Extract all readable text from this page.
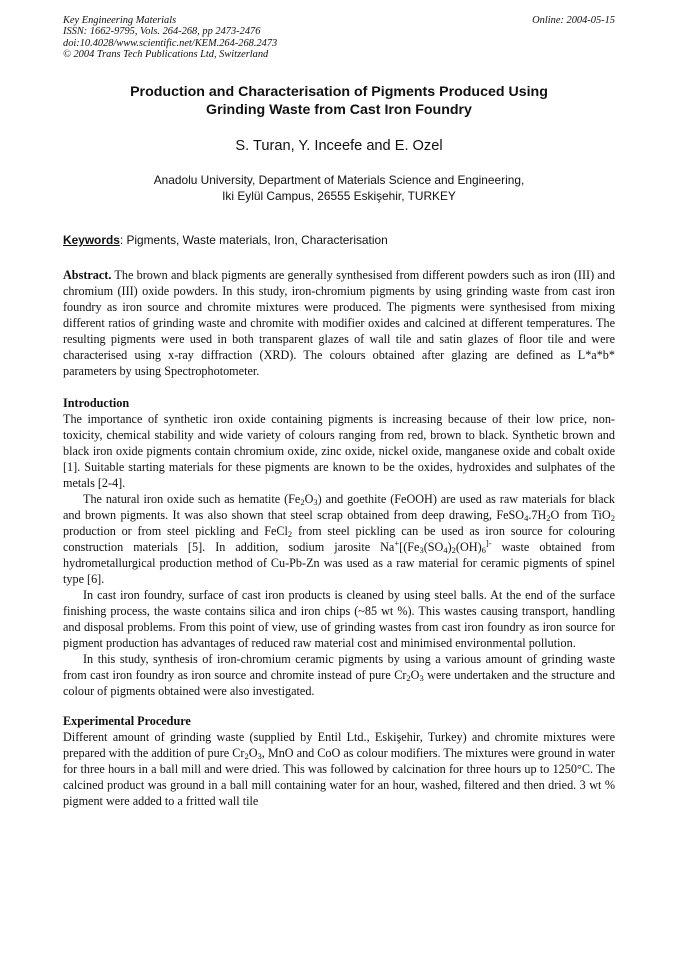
Key Engineering Materials
ISSN: 1662-9795, Vols. 264-268, pp 2473-2476
doi:10.4028/www.scientific.net/KEM.264-268.2473
© 2004 Trans Tech Publications Ltd, Switzerland
Online: 2004-05-15
Production and Characterisation of Pigments Produced Using
Grinding Waste from Cast Iron Foundry
S. Turan, Y. Inceefe and E. Ozel
Anadolu University, Department of Materials Science and Engineering,
Iki Eylül Campus, 26555 Eskişehir, TURKEY
Keywords: Pigments, Waste materials, Iron, Characterisation

Abstract. The brown and black pigments are generally synthesised from different powders such as iron (III) and chromium (III) oxide powders. In this study, iron-chromium pigments by using grinding waste from cast iron foundry as iron source and chromite mixtures were produced. The pigments were synthesised from mixing different ratios of grinding waste and chromite with modifier oxides and calcined at different temperatures. The resulting pigments were used in both transparent glazes of wall tile and satin glazes of floor tile and were characterised using x-ray diffraction (XRD). The colours obtained after glazing are defined as L*a*b* parameters by using Spectrophotometer.

Introduction

The importance of synthetic iron oxide containing pigments is increasing because of their low price, non-toxicity, chemical stability and wide variety of colours ranging from red, brown to black. Synthetic brown and black iron oxide pigments contain chromium oxide, zinc oxide, nickel oxide, manganese oxide and cobalt oxide [1]. Suitable starting materials for these pigments are known to be the oxides, hydroxides and sulphates of the metals [2-4].

The natural iron oxide such as hematite $(Fe_2O_3)$ and goethite (FeOOH) are used as raw materials for black and brown pigments. It was also shown that steel scrap obtained from deep drawing, $FeSO_4.7H_2O$ from TiO$_2$ production or from steel pickling and FeCl$_2$ from steel pickling can be used as iron source for colouring construction materials [5]. In addition, sodium jarosite $Na^+[(Fe_3(SO_4)_2(OH)_6^{]-}$ waste obtained from hydrometallurgical production method of Cu-Pb-Zn was used as a raw material for ceramic pigments of spinel type [6].

In cast iron foundry, surface of cast iron products is cleaned by using steel balls. At the end of the surface finishing process, the waste contains silica and iron chips (~85 wt %). This wastes causing transport, handling and disposal problems. From this point of view, use of grinding wastes from cast iron foundry as iron source for pigment production has advantages of reduced raw material cost and minimised environmental pollution.

In this study, synthesis of iron-chromium ceramic pigments by using a various amount of grinding waste from cast iron foundry as iron source and chromite instead of pure $Cr_2O_3$ were undertaken and the structure and colour of pigments obtained were also investigated.

Experimental Procedure

Different amount of grinding waste (supplied by Entil Ltd., Eskişehir, Turkey) and chromite mixtures were prepared with the addition of pure $Cr_2O_3$, MnO and CoO as colour modifiers. The mixtures were ground in water for three hours in a ball mill and were dried. This was followed by calcination for three hours up to 1250°C. The calcined product was ground in a ball mill containing water for an hour, washed, filtered and then dried. 3 wt % pigment were added to a fritted wall tile
